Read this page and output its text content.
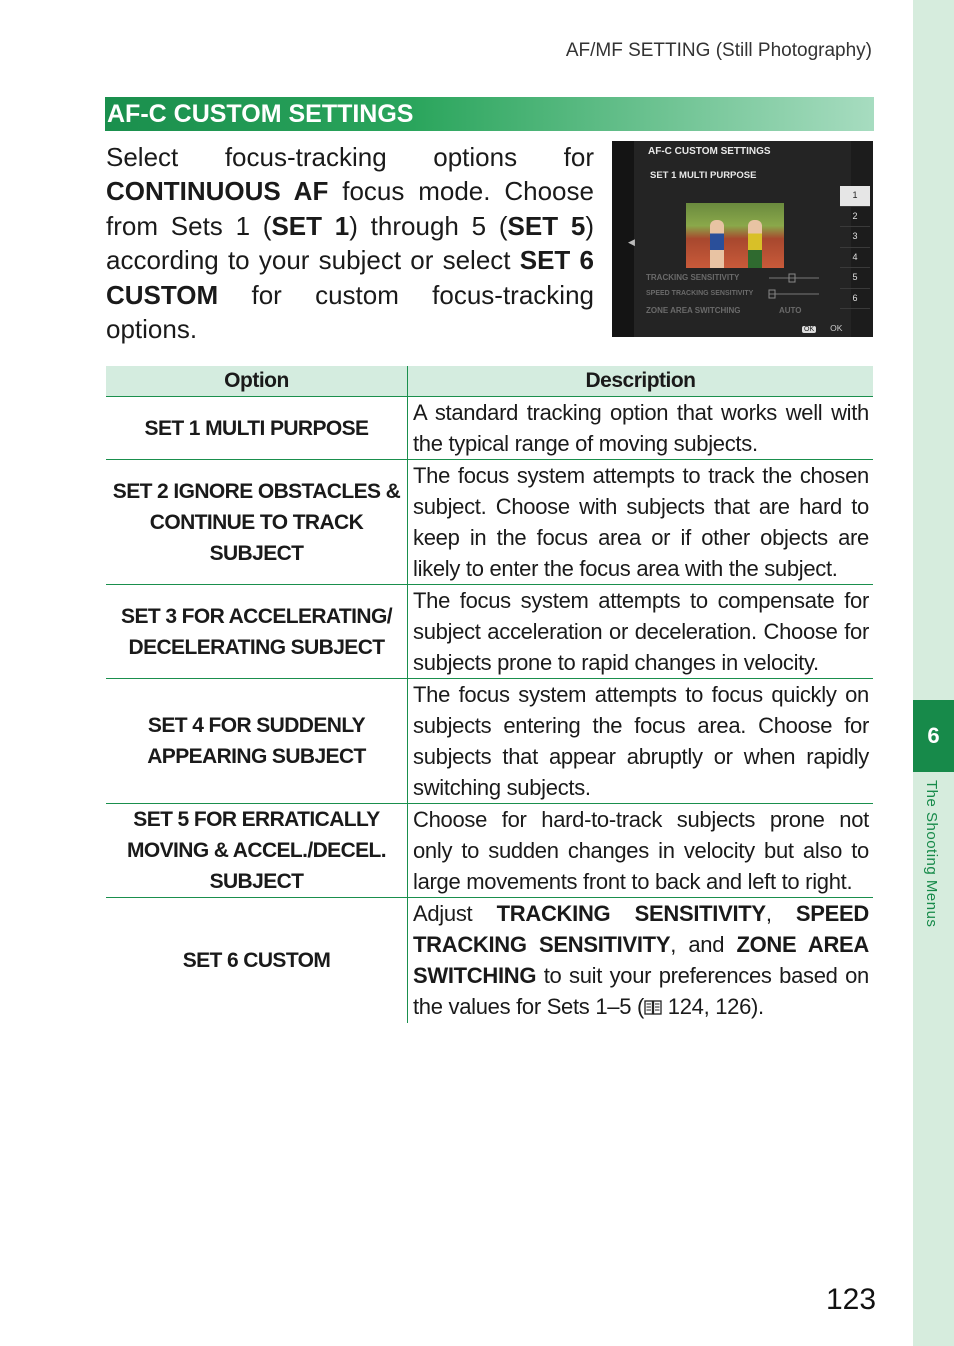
AF/MF SETTING (Still Photography)
6
The Shooting Menus
AF-C CUSTOM SETTINGS
Select focus-tracking options for CONTINUOUS AF focus mode. Choose from Sets 1 (SET 1) through 5 (SET 5) according to your subject or select SET 6 CUSTOM for custom focus-tracking options.
AF-C CUSTOM SETTINGS
SET 1 MULTI PURPOSE
◀
TRACKING SENSITIVITY
SPEED TRACKING SENSITIVITY
ZONE AREA SWITCHING	AUTO
1
2
3
4
5
6
OK OK
Option	Description
SET 1 MULTI PURPOSE	A standard tracking option that works well with the typical range of moving subjects.
SET 2 IGNORE OBSTACLES & CONTINUE TO TRACK SUBJECT	The focus system attempts to track the chosen subject. Choose with subjects that are hard to keep in the focus area or if other objects are likely to enter the focus area with the subject.
SET 3 FOR ACCELERATING/ DECELERATING SUBJECT	The focus system attempts to compensate for subject acceleration or deceleration. Choose for subjects prone to rapid changes in velocity.
SET 4 FOR SUDDENLY APPEARING SUBJECT	The focus system attempts to focus quickly on subjects entering the focus area. Choose for subjects that appear abruptly or when rapidly switching subjects.
SET 5 FOR ERRATICALLY MOVING & ACCEL./DECEL. SUBJECT	Choose for hard-to-track subjects prone not only to sudden changes in velocity but also to large movements front to back and left to right.
SET 6 CUSTOM	Adjust TRACKING SENSITIVITY, SPEED TRACKING SENSITIVITY, and ZONE AREA SWITCHING to suit your preferences based on the values for Sets 1–5 ( 124, 126).
123
